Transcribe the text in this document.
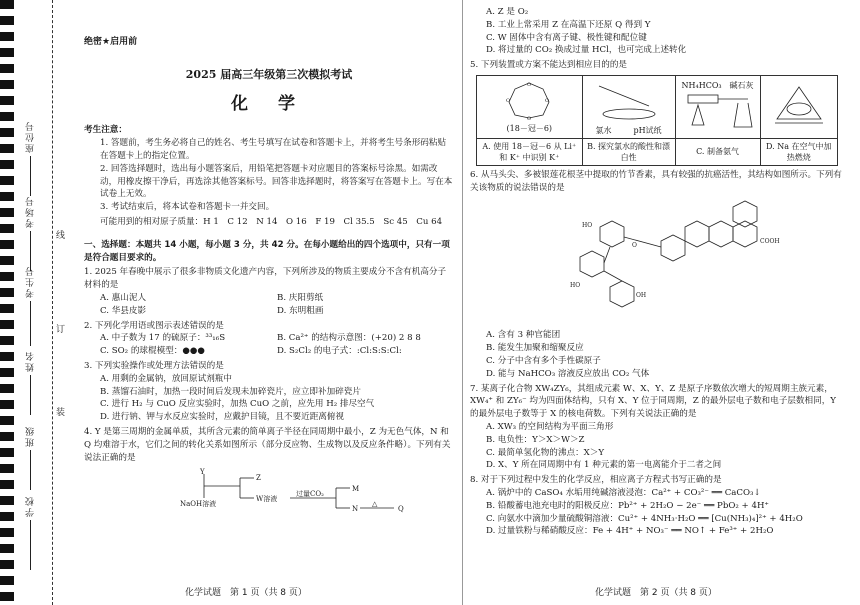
座位号
考场号
考生号
姓名
班级
学校
线
订
装
绝密★启用前
2025 届高三年级第三次模拟考试
化 学
考生注意：
1. 答题前，考生务必将自己的姓名、考生号填写在试卷和答题卡上，并将考生号条形码粘贴在答题卡上的指定位置。
2. 回答选择题时，选出每小题答案后，用铅笔把答题卡对应题目的答案标号涂黑。如需改动，用橡皮擦干净后，再选涂其他答案标号。回答非选择题时，将答案写在答题卡上。写在本试卷上无效。
3. 考试结束后，将本试卷和答题卡一并交回。
可能用到的相对原子质量：H 1　C 12　N 14　O 16　F 19　Cl 35.5　Sc 45　Cu 64
一、选择题：本题共 14 小题，每小题 3 分，共 42 分。在每小题给出的四个选项中，只有一项是符合题目要求的。
1. 2025 年春晚中展示了很多非物质文化遗产内容，下列所涉及的物质主要成分不含有机高分子材料的是
A. 惠山泥人	B. 庆阳剪纸
C. 华县皮影	D. 东明粗画
2. 下列化学用语或图示表述错误的是
A. 中子数为 17 的硫原子：³³₁₆S	B. Ca²⁺ 的结构示意图：(+20) 2 8 8
C. SO₂ 的球棍模型：●●●	D. S₂Cl₂ 的电子式：:Cl:S:S:Cl:
3. 下列实验操作或处理方法错误的是
A. 用剩的金属钠，放回原试剂瓶中
B. 蒸馏石油时，加热一段时间后发现未加碎瓷片，应立即补加碎瓷片
C. 进行 H₂ 与 CuO 反应实验时，加热 CuO 之前，应先用 H₂ 排尽空气
D. 进行钠、钾与水反应实验时，应戴护目镜，且不要近距离俯视
4. Y 是第三周期的金属单质，其所含元素的简单离子半径在同周期中最小，Z 为无色气体，N 和 Q 均难溶于水，它们之间的转化关系如图所示（部分反应物、生成物以及反应条件略）。下列有关说法正确的是
Y
NaOH溶液
Z
W溶液
过量CO₂
M
N
△
Q
化学试题　第 1 页（共 8 页）
A. Z 是 O₂
B. 工业上常采用 Z 在高温下还原 Q 得到 Y
C. W 固体中含有离子键、极性键和配位键
D. 将过量的 CO₂ 换成过量 HCl，也可完成上述转化
5. 下列装置或方案不能达到相应目的的是
O
O
O
O
(18－冠－6)	氯水 pH试纸	NH₄HCO₃ 碱石灰

A. 使用 18－冠－6 从 Li⁺ 和 K⁺ 中识别 K⁺	B. 探究氯水的酸性和漂白性	C. 制备氨气	D. Na 在空气中加热燃烧
6. 从马头尖、多被银莲花根茎中提取的竹节香素，具有较强的抗癌活性，其结构如图所示。下列有关该物质的说法错误的是
COOH
O
HO
OH
HO
A. 含有 3 种官能团
B. 能发生加聚和缩聚反应
C. 分子中含有多个手性碳原子
D. 能与 NaHCO₃ 溶液反应放出 CO₂ 气体
7. 某离子化合物 XW₄ZY₆，其组成元素 W、X、Y、Z 是原子序数依次增大的短周期主族元素，XW₄⁺ 和 ZY₆⁻ 均为四面体结构，只有 X、Y 位于同周期，Z 的最外层电子数和电子层数相同，Y 的最外层电子数等于 X 的核电荷数。下列有关说法正确的是
A. XW₃ 的空间结构为平面三角形
B. 电负性：Y＞X＞W＞Z
C. 最简单氢化物的沸点：X＞Y
D. X、Y 所在同周期中有 1 种元素的第一电离能介于二者之间
8. 对于下列过程中发生的化学反应，相应离子方程式书写正确的是
A. 锅炉中的 CaSO₄ 水垢用纯碱溶液浸泡：Ca²⁺ + CO₃²⁻ ══ CaCO₃↓
B. 铅酸蓄电池充电时的阳极反应：Pb²⁺ + 2H₂O − 2e⁻ ══ PbO₂ + 4H⁺
C. 向氨水中滴加少量硫酸铜溶液：Cu²⁺ + 4NH₃·H₂O ══ [Cu(NH₃)₄]²⁺ + 4H₂O
D. 过量铁粉与稀硝酸反应：Fe + 4H⁺ + NO₃⁻ ══ NO↑ + Fe³⁺ + 2H₂O
化学试题　第 2 页（共 8 页）
